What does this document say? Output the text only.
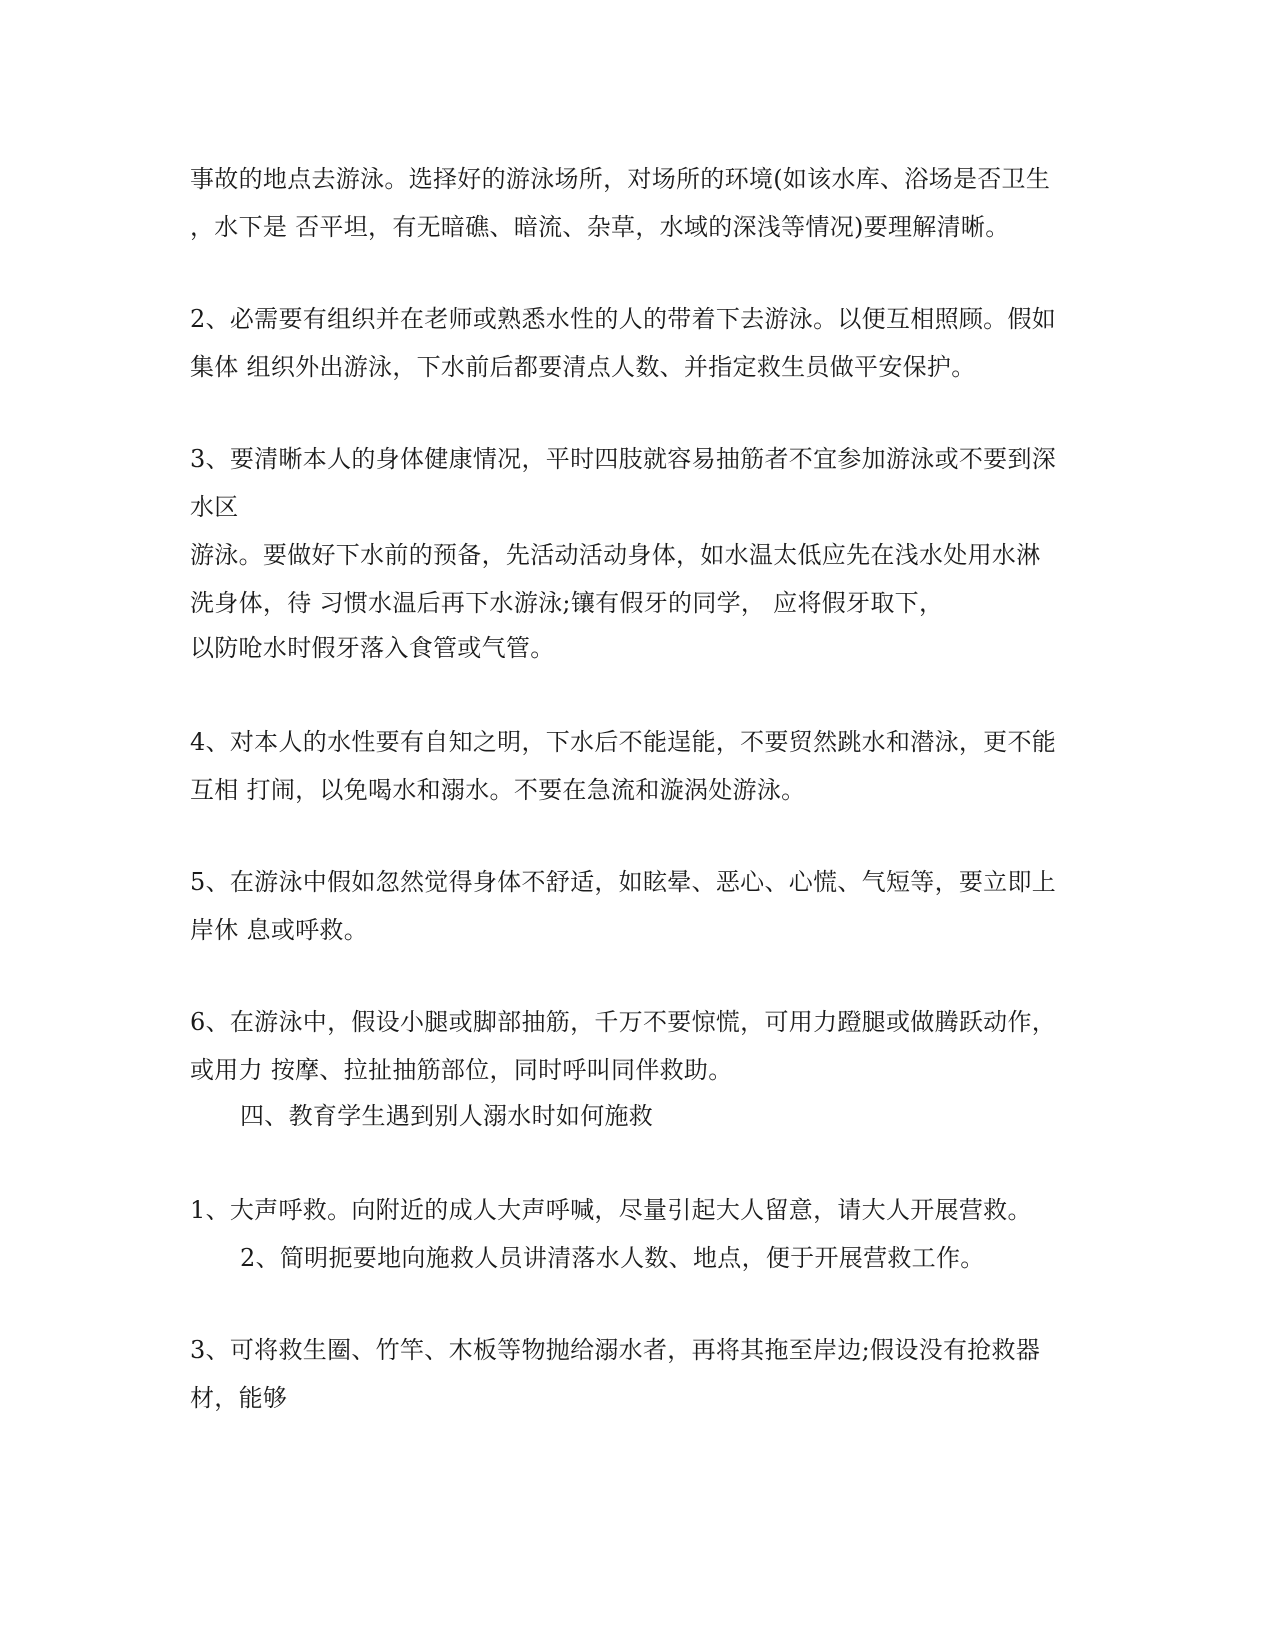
事故的地点去游泳。选择好的游泳场所，对场所的环境(如该水库、浴场是否卫生
，水下是 否平坦，有无暗礁、暗流、杂草，水域的深浅等情况)要理解清晰。
2、必需要有组织并在老师或熟悉水性的人的带着下去游泳。以便互相照顾。假如
集体 组织外出游泳，下水前后都要清点人数、并指定救生员做平安保护。
3、要清晰本人的身体健康情况，平时四肢就容易抽筋者不宜参加游泳或不要到深
水区
游泳。要做好下水前的预备，先活动活动身体，如水温太低应先在浅水处用水淋
洗身体，待 习惯水温后再下水游泳;镶有假牙的同学， 应将假牙取下，
以防呛水时假牙落入食管或气管。
4、对本人的水性要有自知之明，下水后不能逞能，不要贸然跳水和潜泳，更不能
互相 打闹，以免喝水和溺水。不要在急流和漩涡处游泳。
5、在游泳中假如忽然觉得身体不舒适，如眩晕、恶心、心慌、气短等，要立即上
岸休 息或呼救。
6、在游泳中，假设小腿或脚部抽筋，千万不要惊慌，可用力蹬腿或做腾跃动作，
或用力 按摩、拉扯抽筋部位，同时呼叫同伴救助。
四、教育学生遇到别人溺水时如何施救
1、大声呼救。向附近的成人大声呼喊，尽量引起大人留意，请大人开展营救。
2、简明扼要地向施救人员讲清落水人数、地点，便于开展营救工作。
3、可将救生圈、竹竿、木板等物抛给溺水者，再将其拖至岸边;假设没有抢救器
材，能够
